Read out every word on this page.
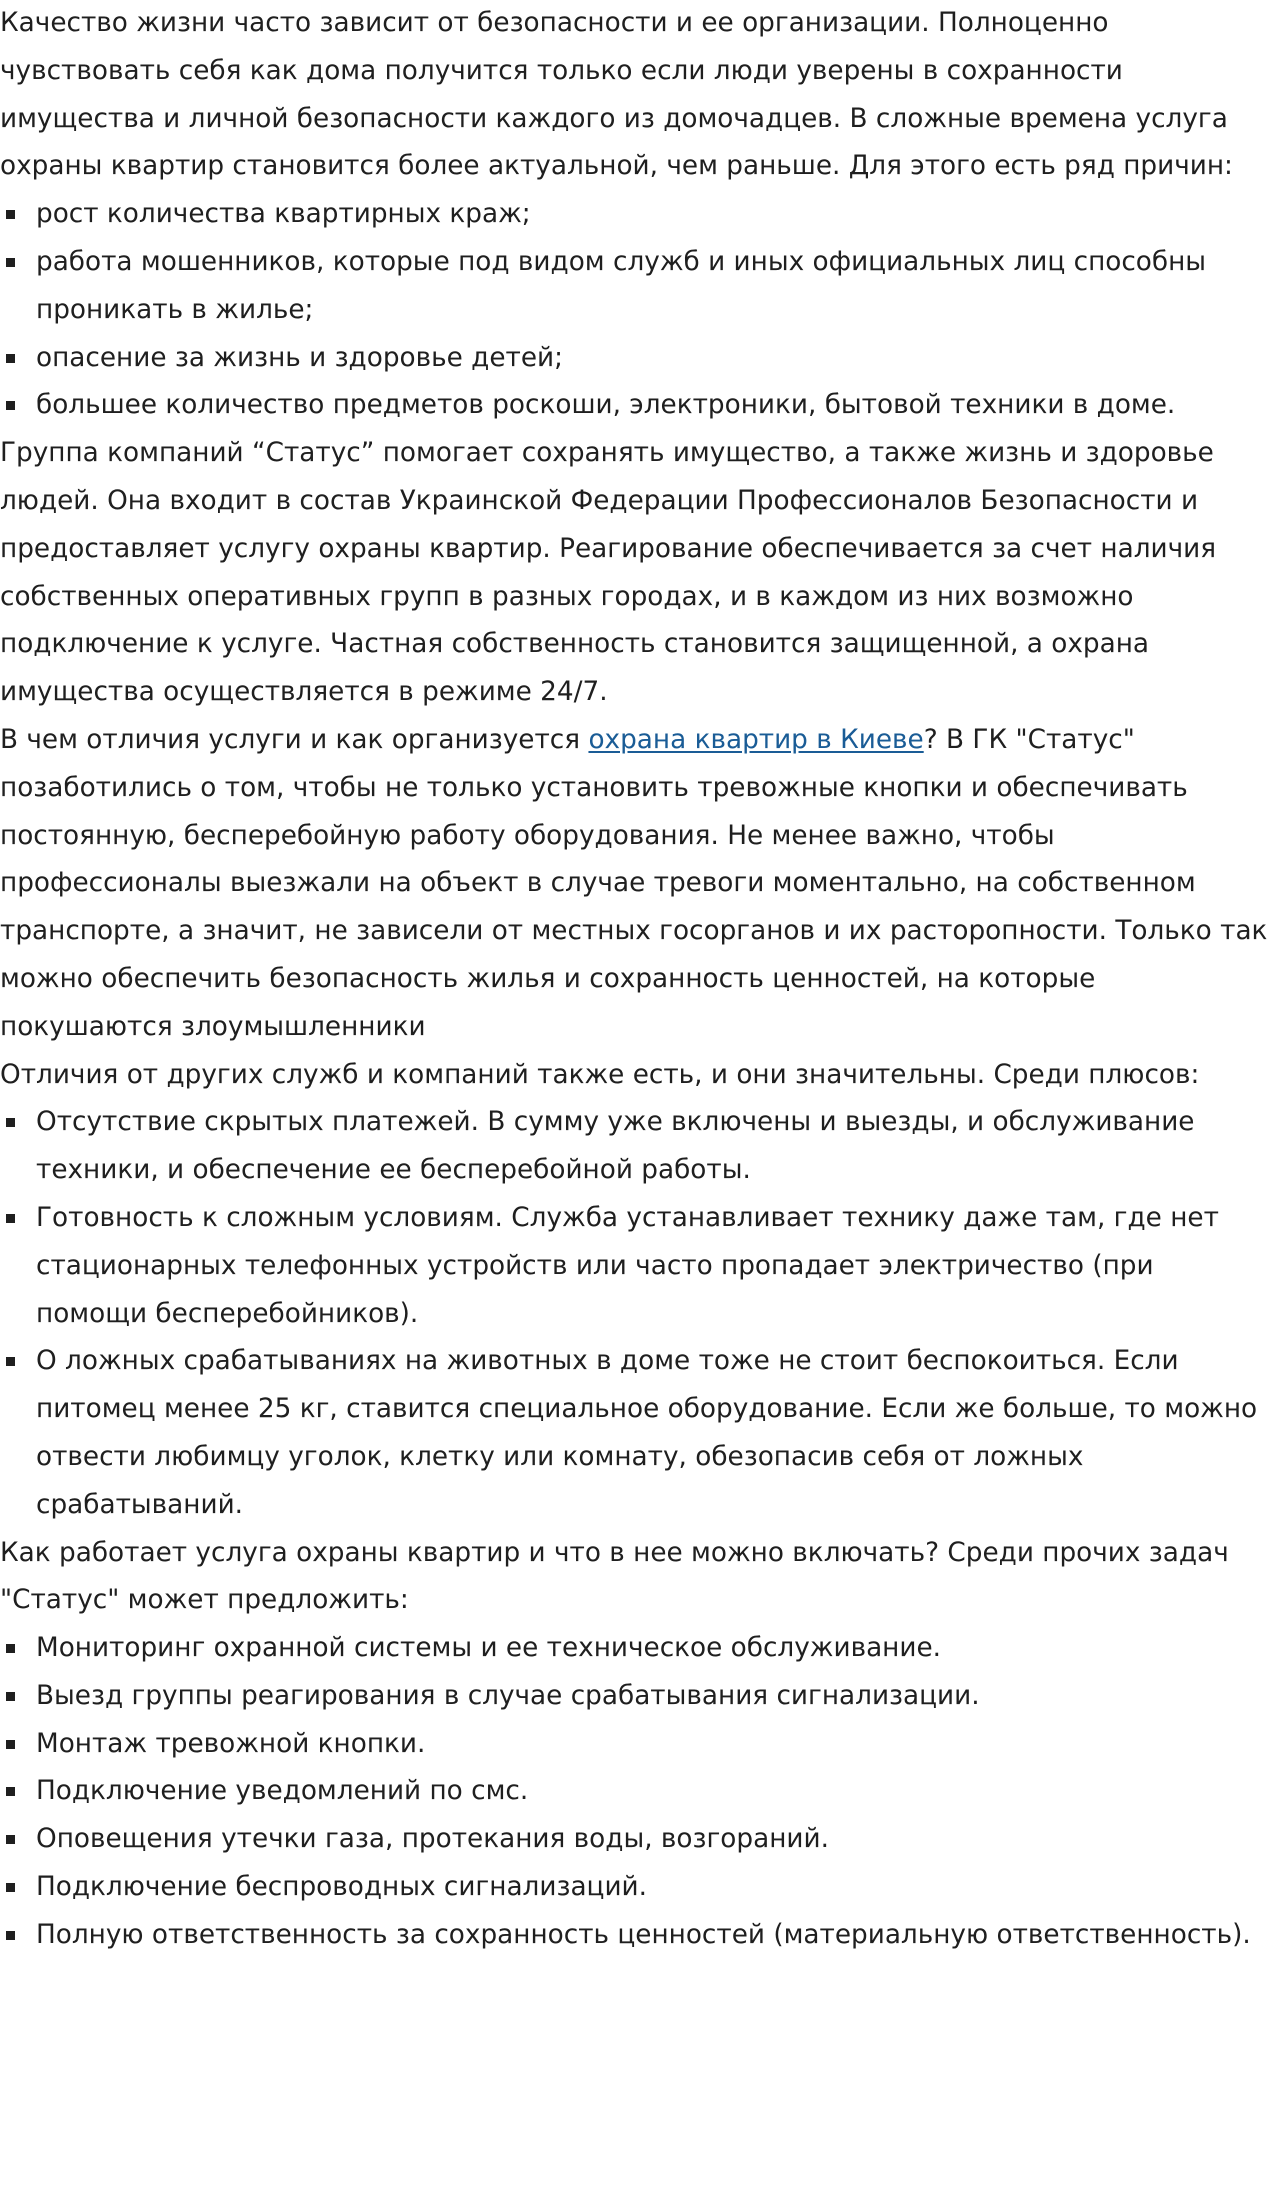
Качество жизни часто зависит от безопасности и ее организации. Полноценно чувствовать себя как дома получится только если люди уверены в сохранности имущества и личной безопасности каждого из домочадцев. В сложные времена услуга охраны квартир становится более актуальной, чем раньше. Для этого есть ряд причин:

рост количества квартирных краж;
работа мошенников, которые под видом служб и иных официальных лиц способны проникать в жилье;
опасение за жизнь и здоровье детей;
большее количество предметов роскоши, электроники, бытовой техники в доме.

Группа компаний “Статус” помогает сохранять имущество, а также жизнь и здоровье людей. Она входит в состав Украинской Федерации Профессионалов Безопасности и предоставляет услугу охраны квартир. Реагирование обеспечивается за счет наличия собственных оперативных групп в разных городах, и в каждом из них возможно подключение к услуге. Частная собственность становится защищенной, а охрана имущества осуществляется в режиме 24/7.

В чем отличия услуги и как организуется охрана квартир в Киеве? В ГК "Статус" позаботились о том, чтобы не только установить тревожные кнопки и обеспечивать постоянную, бесперебойную работу оборудования. Не менее важно, чтобы профессионалы выезжали на объект в случае тревоги моментально, на собственном транспорте, а значит, не зависели от местных госорганов и их расторопности. Только так можно обеспечить безопасность жилья и сохранность ценностей, на которые покушаются злоумышленники

Отличия от других служб и компаний также есть, и они значительны. Среди плюсов:

Отсутствие скрытых платежей. В сумму уже включены и выезды, и обслуживание техники, и обеспечение ее бесперебойной работы.
Готовность к сложным условиям. Служба устанавливает технику даже там, где нет стационарных телефонных устройств или часто пропадает электричество (при помощи бесперебойников).
О ложных срабатываниях на животных в доме тоже не стоит беспокоиться. Если питомец менее 25 кг, ставится специальное оборудование. Если же больше, то можно отвести любимцу уголок, клетку или комнату, обезопасив себя от ложных срабатываний.

Как работает услуга охраны квартир и что в нее можно включать? Среди прочих задач "Статус" может предложить:

Мониторинг охранной системы и ее техническое обслуживание.
Выезд группы реагирования в случае срабатывания сигнализации.
Монтаж тревожной кнопки.
Подключение уведомлений по смс.
Оповещения утечки газа, протекания воды, возгораний.
Подключение беспроводных сигнализаций.
Полную ответственность за сохранность ценностей (материальную ответственность).
